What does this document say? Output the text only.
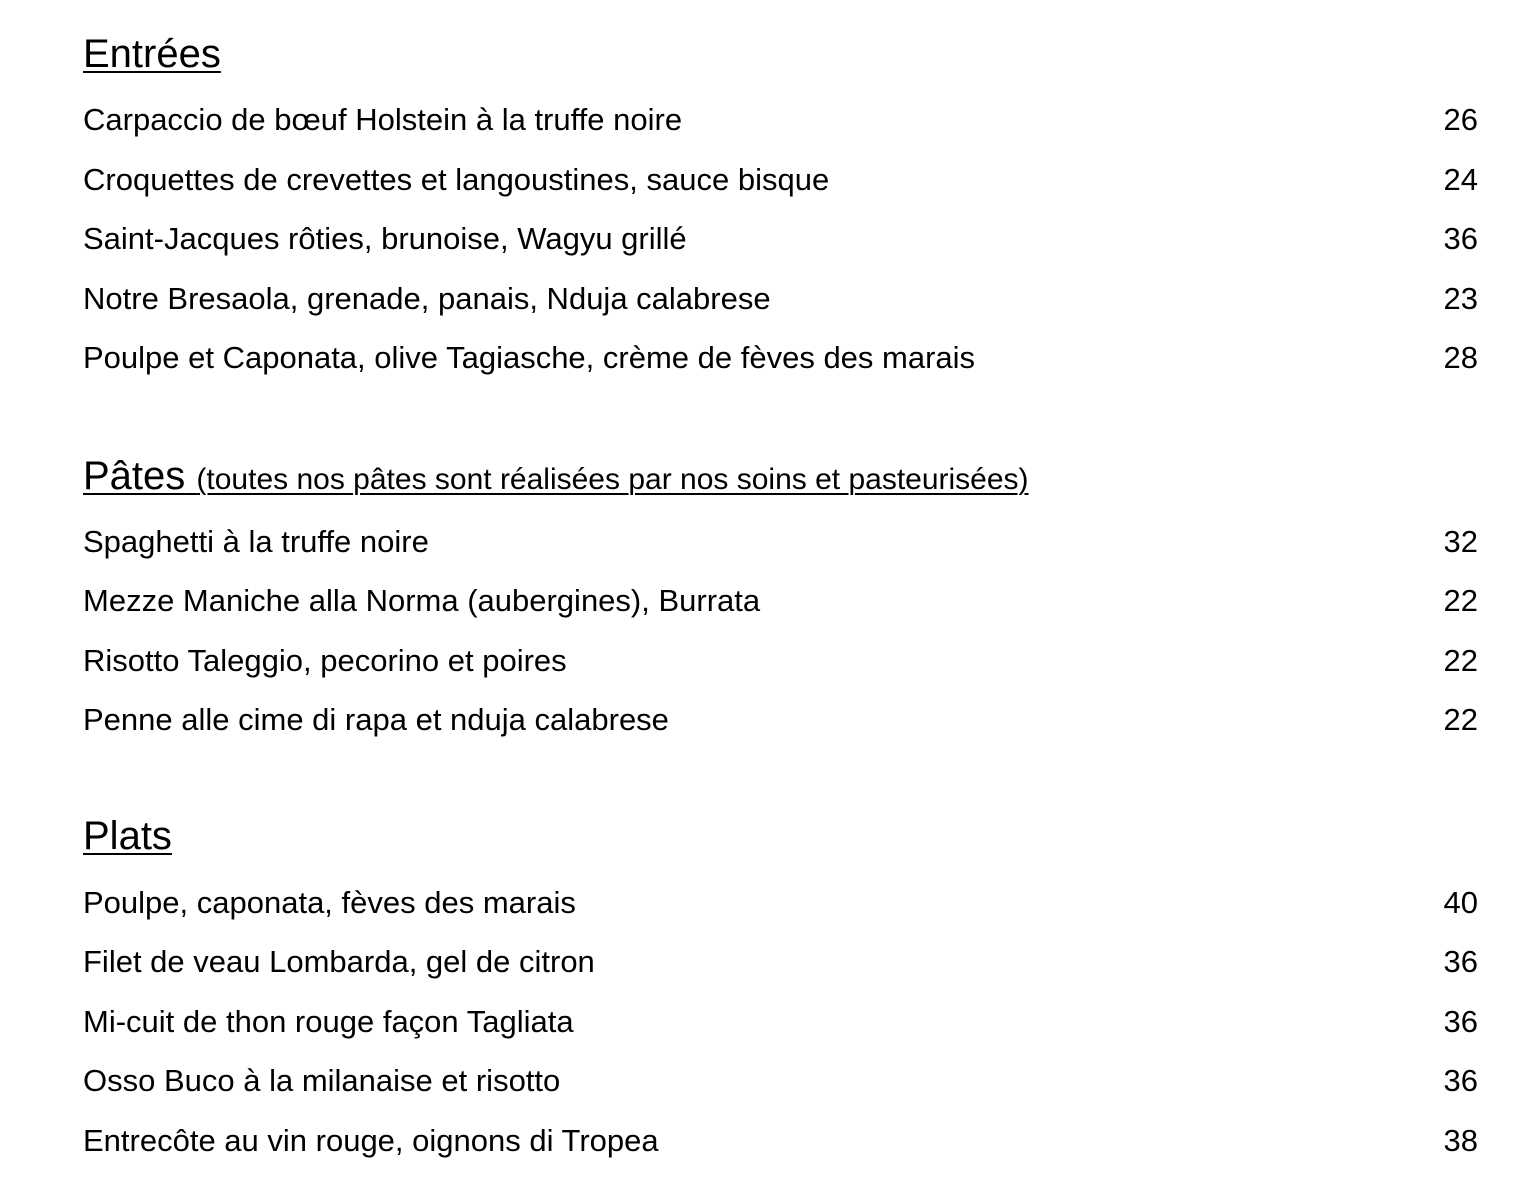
Entrées
Carpaccio de bœuf Holstein à la truffe noire	26
Croquettes de crevettes et langoustines, sauce bisque	24
Saint-Jacques rôties, brunoise, Wagyu grillé	36
Notre Bresaola, grenade, panais, Nduja calabrese	23
Poulpe et Caponata, olive Tagiasche, crème de fèves des marais	28
Pâtes (toutes nos pâtes sont réalisées par nos soins et pasteurisées)
Spaghetti à la truffe noire	32
Mezze Maniche alla Norma (aubergines), Burrata	22
Risotto Taleggio, pecorino et poires	22
Penne alle cime di rapa et nduja calabrese	22
Plats
Poulpe, caponata, fèves des marais	40
Filet de veau Lombarda, gel de citron	36
Mi-cuit de thon rouge façon Tagliata	36
Osso Buco à la milanaise et risotto	36
Entrecôte au vin rouge, oignons di Tropea	38
